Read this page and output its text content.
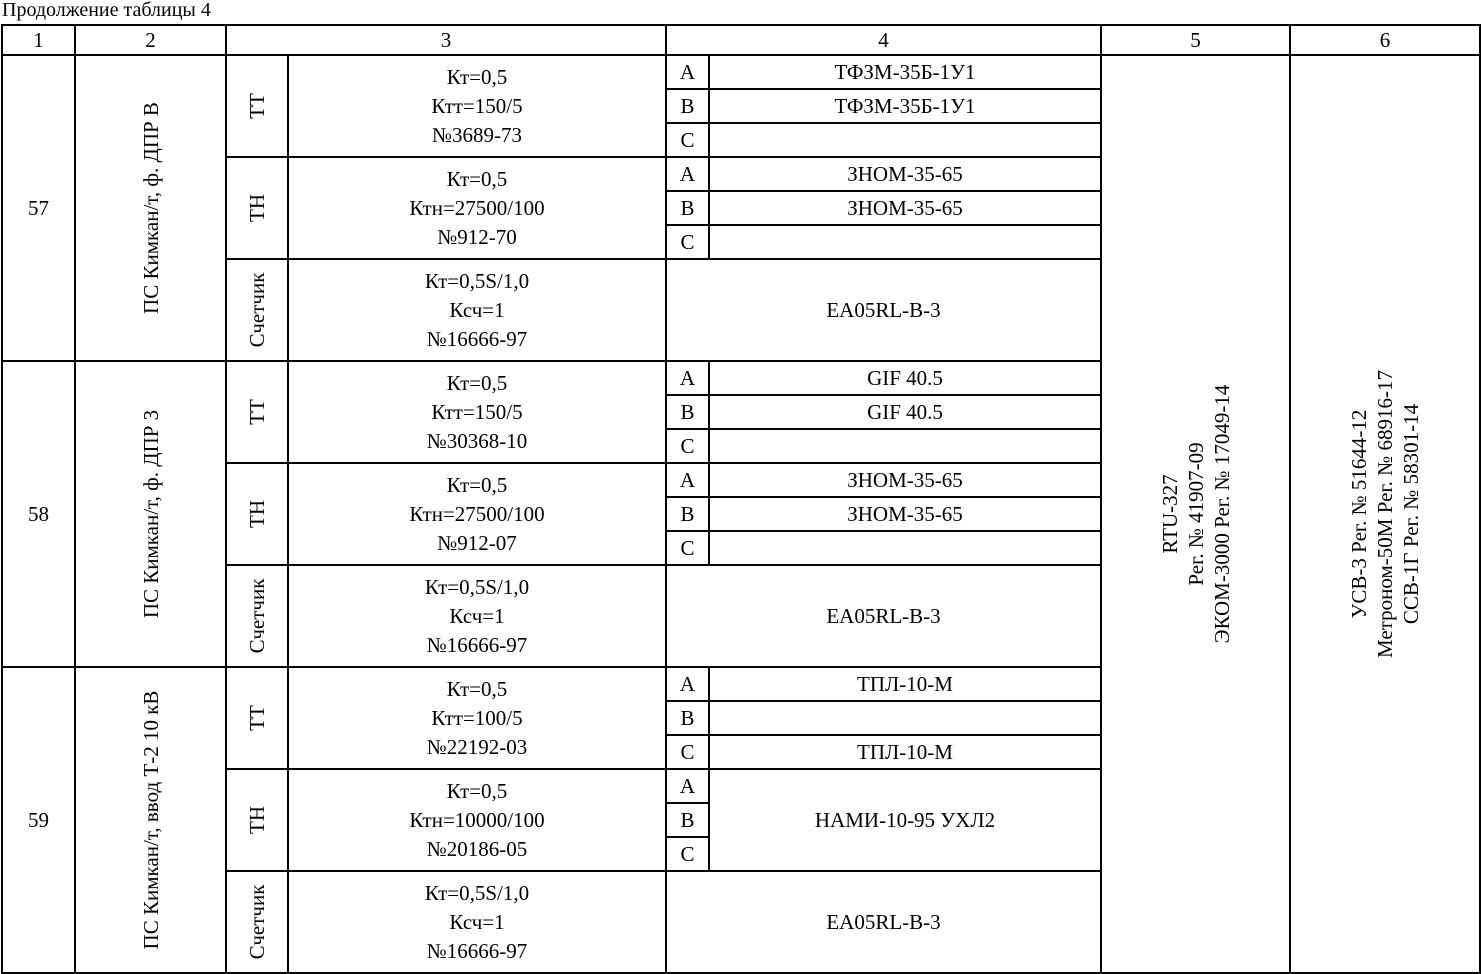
Продолжение таблицы 4
1	2	3		4		5	6
57	ПС Кимкан/т, ф. ДПР В	ТТ	Кт=0,5
Ктт=150/5
№3689-73	A	ТФЗМ-35Б-1У1	RTU-327 Рег. № 41907-09 ЭКОМ-3000 Рег. № 17049-14	УСВ-3 Рег. № 51644-12 Метроном-50М Рег. № 68916-17 ССВ-1Г Рег. № 58301-14

				B	ТФЗМ-35Б-1У1		
				C			

		ТН	Кт=0,5
Ктн=27500/100
№912-70	A	ЗНОМ-35-65		
				B	ЗНОМ-35-65		
				C			

		Счетчик	Кт=0,5S/1,0
Ксч=1
№16666-97	EA05RL-B-3			

58	ПС Кимкан/т, ф. ДПР 3	ТТ	Кт=0,5
Ктт=150/5
№30368-10	A	GIF 40.5		
				B	GIF 40.5		
				C			

		ТН	Кт=0,5
Ктн=27500/100
№912-07	A	ЗНОМ-35-65		
				B	ЗНОМ-35-65		
				C			

		Счетчик	Кт=0,5S/1,0
Ксч=1
№16666-97	EA05RL-B-3			

59	ПС Кимкан/т, ввод Т-2 10 кВ	ТТ	Кт=0,5
Ктт=100/5
№22192-03	A	ТПЛ-10-М		
				B			
				C	ТПЛ-10-М		

		ТН	Кт=0,5
Ктн=10000/100
№20186-05	A	НАМИ-10-95 УХЛ2		
				B			
				C			

		Счетчик	Кт=0,5S/1,0
Ксч=1
№16666-97	EA05RL-B-3			
